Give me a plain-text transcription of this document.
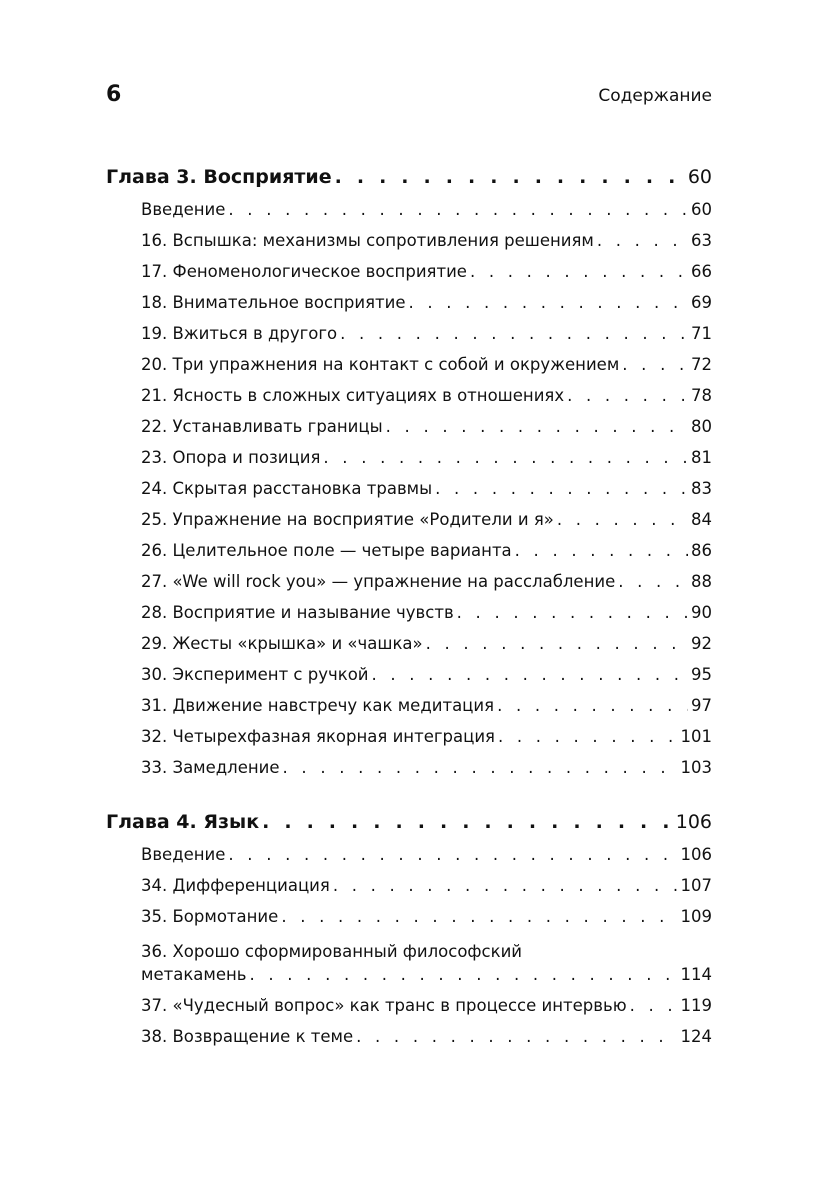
6	Содержание
Глава 3. Восприятие . . .	60
Введение . . .	60
16. Вспышка: механизмы сопротивления решениям . . .	63
17. Феноменологическое восприятие . . .	66
18. Внимательное восприятие . . .	69
19. Вжиться в другого . . .	71
20. Три упражнения на контакт с собой и окружением . . .	72
21. Ясность в сложных ситуациях в отношениях . . .	78
22. Устанавливать границы . . .	80
23. Опора и позиция . . .	81
24. Скрытая расстановка травмы . . .	83
25. Упражнение на восприятие «Родители и я» . . .	84
26. Целительное поле — четыре варианта . . .	86
27. «We will rock you» — упражнение на расслабление . . .	88
28. Восприятие и называние чувств . . .	90
29. Жесты «крышка» и «чашка» . . .	92
30. Эксперимент с ручкой . . .	95
31. Движение навстречу как медитация . . .	97
32. Четырехфазная якорная интеграция . . .	101
33. Замедление . . .	103
Глава 4. Язык . . .	106
Введение . . .	106
34. Дифференциация . . .	107
35. Бормотание . . .	109
36. Хорошо сформированный философский
метакамень . . .	114
37. «Чудесный вопрос» как транс в процессе интервью . . .	119
38. Возвращение к теме . . .	124
